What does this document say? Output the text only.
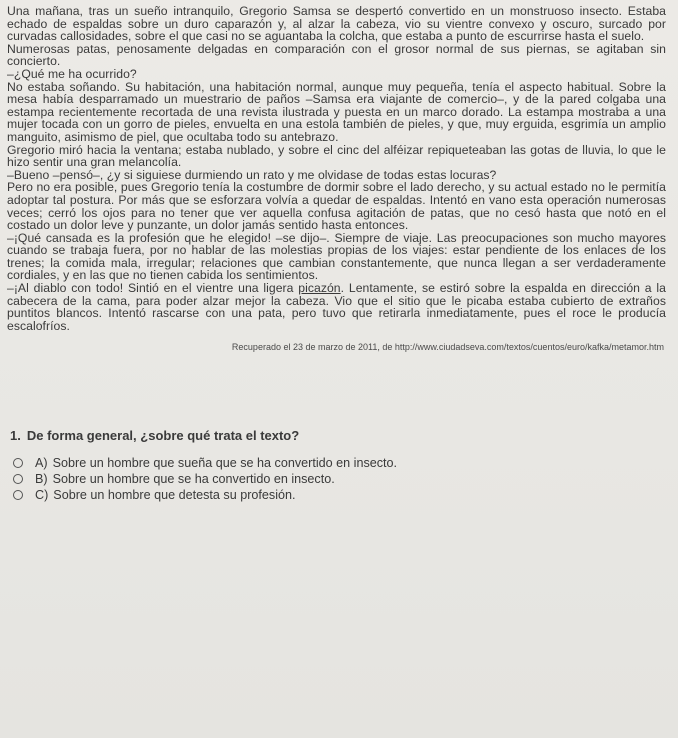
Una mañana, tras un sueño intranquilo, Gregorio Samsa se despertó convertido en un monstruoso insecto. Estaba echado de espaldas sobre un duro caparazón y, al alzar la cabeza, vio su vientre convexo y oscuro, surcado por curvadas callosidades, sobre el que casi no se aguantaba la colcha, que estaba a punto de escurrirse hasta el suelo.

Numerosas patas, penosamente delgadas en comparación con el grosor normal de sus piernas, se agitaban sin concierto.

–¿Qué me ha ocurrido?

No estaba soñando. Su habitación, una habitación normal, aunque muy pequeña, tenía el aspecto habitual. Sobre la mesa había desparramado un muestrario de paños –Samsa era viajante de comercio–, y de la pared colgaba una estampa recientemente recortada de una revista ilustrada y puesta en un marco dorado. La estampa mostraba a una mujer tocada con un gorro de pieles, envuelta en una estola también de pieles, y que, muy erguida, esgrimía un amplio manguito, asimismo de piel, que ocultaba todo su antebrazo.

Gregorio miró hacia la ventana; estaba nublado, y sobre el cinc del alféizar repiqueteaban las gotas de lluvia, lo que le hizo sentir una gran melancolía.

–Bueno –pensó–, ¿y si siguiese durmiendo un rato y me olvidase de todas estas locuras?

Pero no era posible, pues Gregorio tenía la costumbre de dormir sobre el lado derecho, y su actual estado no le permitía adoptar tal postura. Por más que se esforzara volvía a quedar de espaldas. Intentó en vano esta operación numerosas veces; cerró los ojos para no tener que ver aquella confusa agitación de patas, que no cesó hasta que notó en el costado un dolor leve y punzante, un dolor jamás sentido hasta entonces.

–¡Qué cansada es la profesión que he elegido! –se dijo–. Siempre de viaje. Las preocupaciones son mucho mayores cuando se trabaja fuera, por no hablar de las molestias propias de los viajes: estar pendiente de los enlaces de los trenes; la comida mala, irregular; relaciones que cambian constantemente, que nunca llegan a ser verdaderamente cordiales, y en las que no tienen cabida los sentimientos.

–¡Al diablo con todo! Sintió en el vientre una ligera picazón. Lentamente, se estiró sobre la espalda en dirección a la cabecera de la cama, para poder alzar mejor la cabeza. Vio que el sitio que le picaba estaba cubierto de extraños puntitos blancos. Intentó rascarse con una pata, pero tuvo que retirarla inmediatamente, pues el roce le producía escalofríos.

Recuperado el 23 de marzo de 2011, de http://www.ciudadseva.com/textos/cuentos/euro/kafka/metamor.htm
1. De forma general, ¿sobre qué trata el texto?
A) Sobre un hombre que sueña que se ha convertido en insecto.
B) Sobre un hombre que se ha convertido en insecto.
C) Sobre un hombre que detesta su profesión.
